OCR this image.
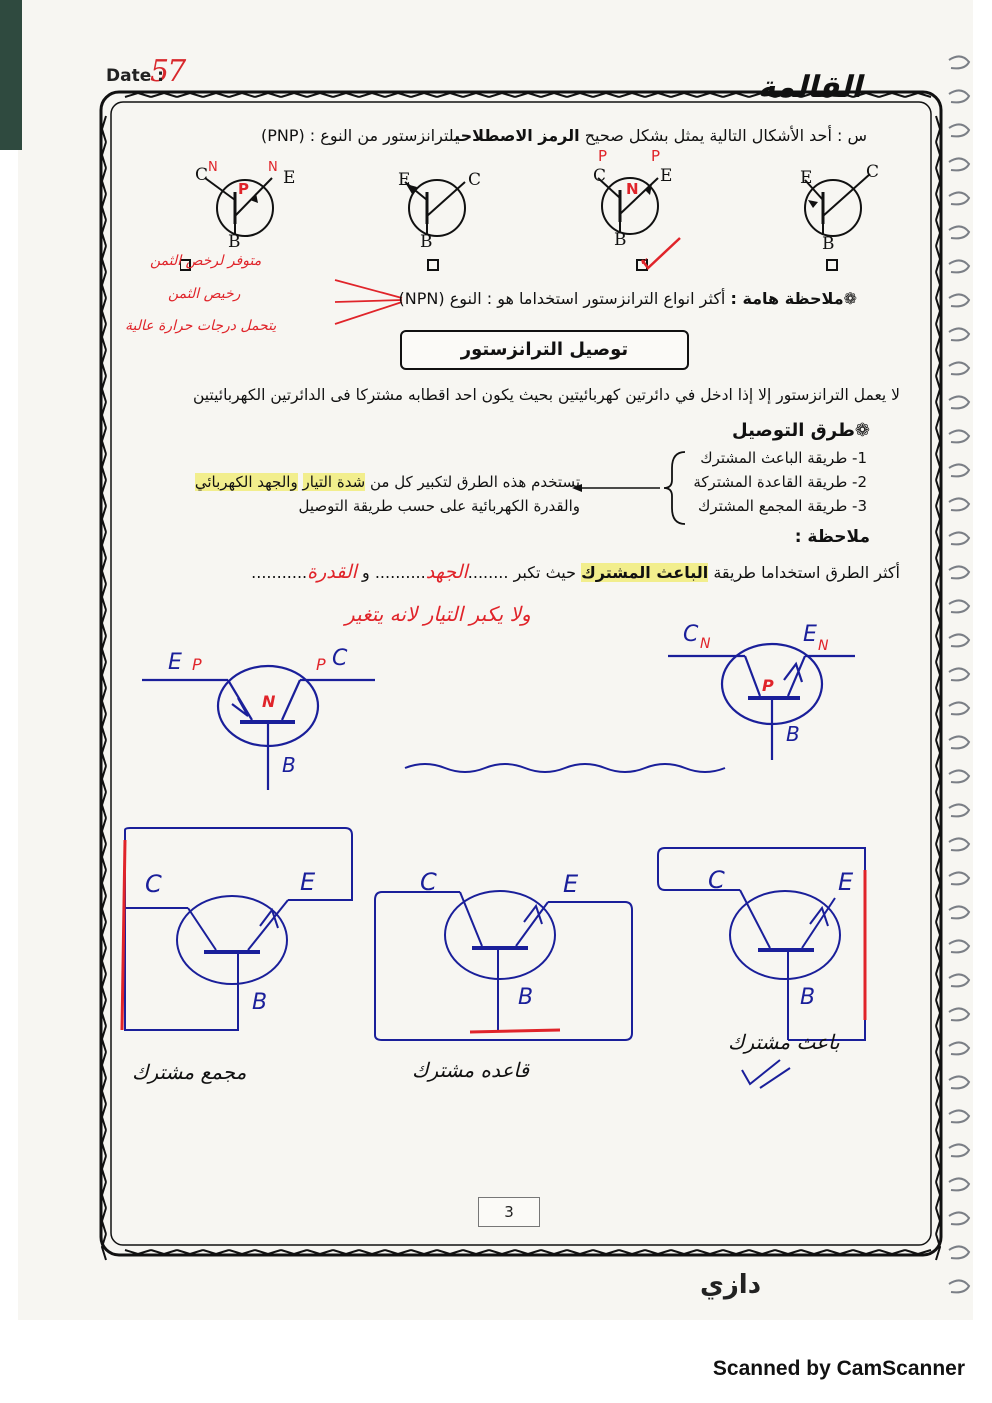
57
Date :	القالمة
س : أحد الأشكال التالية يمثل بشكل صحيح الرمز الاصطلاحيلترانزستور من النوع (PNP) :
C N	N
E
P
B
E	C
B
P
C
P
E
N
B
✓
E	C
B
متوفر لرخص الثمن
رخيص الثمن
يتحمل درجات حرارة عالية
❁ملاحظة هامة : أكثر انواع الترانزستور استخداما هو : النوع (NPN)
توصيل الترانزستور
لا يعمل الترانزستور إلا إذا ادخل في دائرتين كهربائيتين بحيث يكون احد اقطابه مشتركا فى الدائرتين الكهربائيتين
❁طرق التوصيل
1- طريقة الباعث المشترك
2- طريقة القاعدة المشتركة
3- طريقة المجمع المشترك
تستخدم هذه الطرق لتكبير كل من شدة التيار والجهد الكهربائي
والقدرة الكهربائية على حسب طريقة التوصيل
ملاحظة :
أكثر الطرق استخداما طريقة الباعث المشترك حيث تكبر ........الجهد.......... و القدرة...........
ولا يكبر التيار لانه يتغير
E P	P C
N
B
C N	E N
P
B
C	E
B
مجمع مشترك
C	E
B
قاعده مشترك
C	E
B
باعث مشترك
3
دازي
Scanned by CamScanner
